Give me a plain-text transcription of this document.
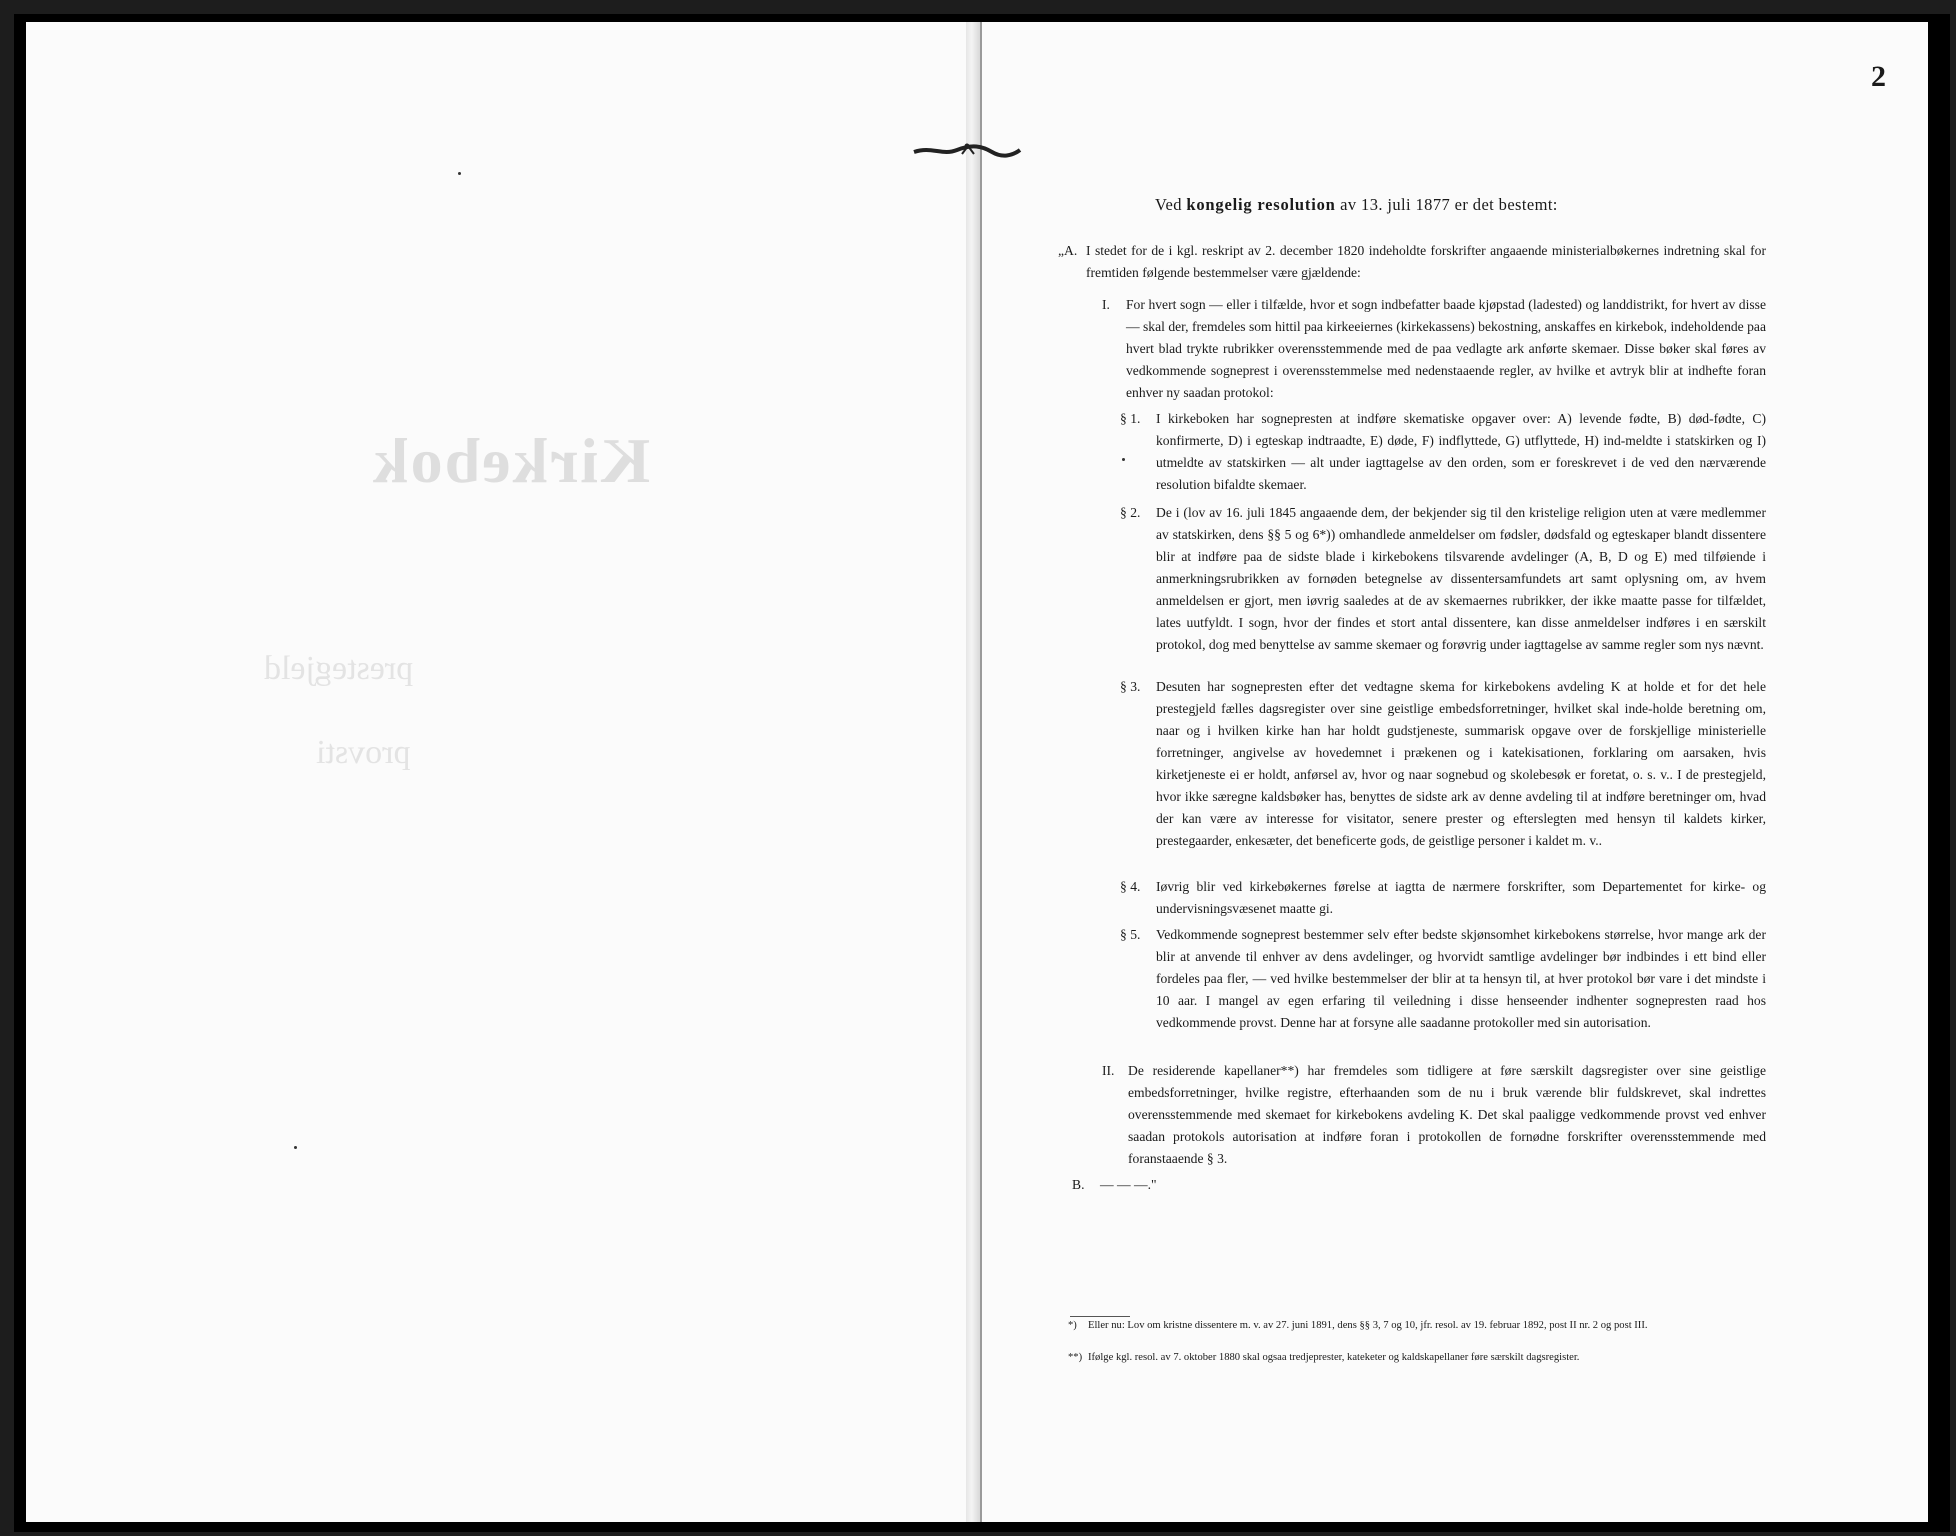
Kirkebok
prestegjeld
provsti
2
Ved kongelig resolution av 13. juli 1877 er det bestemt:
„A. I stedet for de i kgl. reskript av 2. december 1820 indeholdte forskrifter angaaende ministerialbøkernes indretning skal for fremtiden følgende bestemmelser være gjældende:

I. For hvert sogn — eller i tilfælde, hvor et sogn indbefatter baade kjøpstad (ladested) og landdistrikt, for hvert av disse — skal der, fremdeles som hittil paa kirkeeiernes (kirkekassens) bekostning, anskaffes en kirkebok, indeholdende paa hvert blad trykte rubrikker overensstemmende med de paa vedlagte ark anførte skemaer. Disse bøker skal føres av vedkommende sogneprest i overensstemmelse med nedenstaaende regler, av hvilke et avtryk blir at indhefte foran enhver ny saadan protokol:

§ 1. I kirkeboken har sognepresten at indføre skematiske opgaver over: A) levende fødte, B) død-fødte, C) konfirmerte, D) i egteskap indtraadte, E) døde, F) indflyttede, G) utflyttede, H) ind-meldte i statskirken og I) utmeldte av statskirken — alt under iagttagelse av den orden, som er foreskrevet i de ved den nærværende resolution bifaldte skemaer.

§ 2. De i (lov av 16. juli 1845 angaaende dem, der bekjender sig til den kristelige religion uten at være medlemmer av statskirken, dens §§ 5 og 6*)) omhandlede anmeldelser om fødsler, dødsfald og egteskaper blandt dissentere blir at indføre paa de sidste blade i kirkebokens tilsvarende avdelinger (A, B, D og E) med tilføiende i anmerkningsrubrikken av fornøden betegnelse av dissentersamfundets art samt oplysning om, av hvem anmeldelsen er gjort, men iøvrig saaledes at de av skemaernes rubrikker, der ikke maatte passe for tilfældet, lates uutfyldt. I sogn, hvor der findes et stort antal dissentere, kan disse anmeldelser indføres i en særskilt protokol, dog med benyttelse av samme skemaer og forøvrig under iagttagelse av samme regler som nys nævnt.

§ 3. Desuten har sognepresten efter det vedtagne skema for kirkebokens avdeling K at holde et for det hele prestegjeld fælles dagsregister over sine geistlige embedsforretninger, hvilket skal inde-holde beretning om, naar og i hvilken kirke han har holdt gudstjeneste, summarisk opgave over de forskjellige ministerielle forretninger, angivelse av hovedemnet i prækenen og i katekisationen, forklaring om aarsaken, hvis kirketjeneste ei er holdt, anførsel av, hvor og naar sognebud og skolebesøk er foretat, o. s. v.. I de prestegjeld, hvor ikke særegne kaldsbøker has, benyttes de sidste ark av denne avdeling til at indføre beretninger om, hvad der kan være av interesse for visitator, senere prester og efterslegten med hensyn til kaldets kirker, prestegaarder, enkesæter, det beneficerte gods, de geistlige personer i kaldet m. v..

§ 4. Iøvrig blir ved kirkebøkernes førelse at iagtta de nærmere forskrifter, som Departementet for kirke- og undervisningsvæsenet maatte gi.

§ 5. Vedkommende sogneprest bestemmer selv efter bedste skjønsomhet kirkebokens størrelse, hvor mange ark der blir at anvende til enhver av dens avdelinger, og hvorvidt samtlige avdelinger bør indbindes i ett bind eller fordeles paa fler, — ved hvilke bestemmelser der blir at ta hensyn til, at hver protokol bør vare i det mindste i 10 aar. I mangel av egen erfaring til veiledning i disse henseender indhenter sognepresten raad hos vedkommende provst. Denne har at forsyne alle saadanne protokoller med sin autorisation.

II. De residerende kapellaner**) har fremdeles som tidligere at føre særskilt dagsregister over sine geistlige embedsforretninger, hvilke registre, efterhaanden som de nu i bruk værende blir fuldskrevet, skal indrettes overensstemmende med skemaet for kirkebokens avdeling K. Det skal paaligge vedkommende provst ved enhver saadan protokols autorisation at indføre foran i protokollen de fornødne forskrifter overensstemmende med foranstaaende § 3.

B. — — —."
*) Eller nu: Lov om kristne dissentere m. v. av 27. juni 1891, dens §§ 3, 7 og 10, jfr. resol. av 19. februar 1892, post II nr. 2 og post III.
**) Ifølge kgl. resol. av 7. oktober 1880 skal ogsaa tredjeprester, kateketer og kaldskapellaner føre særskilt dagsregister.
